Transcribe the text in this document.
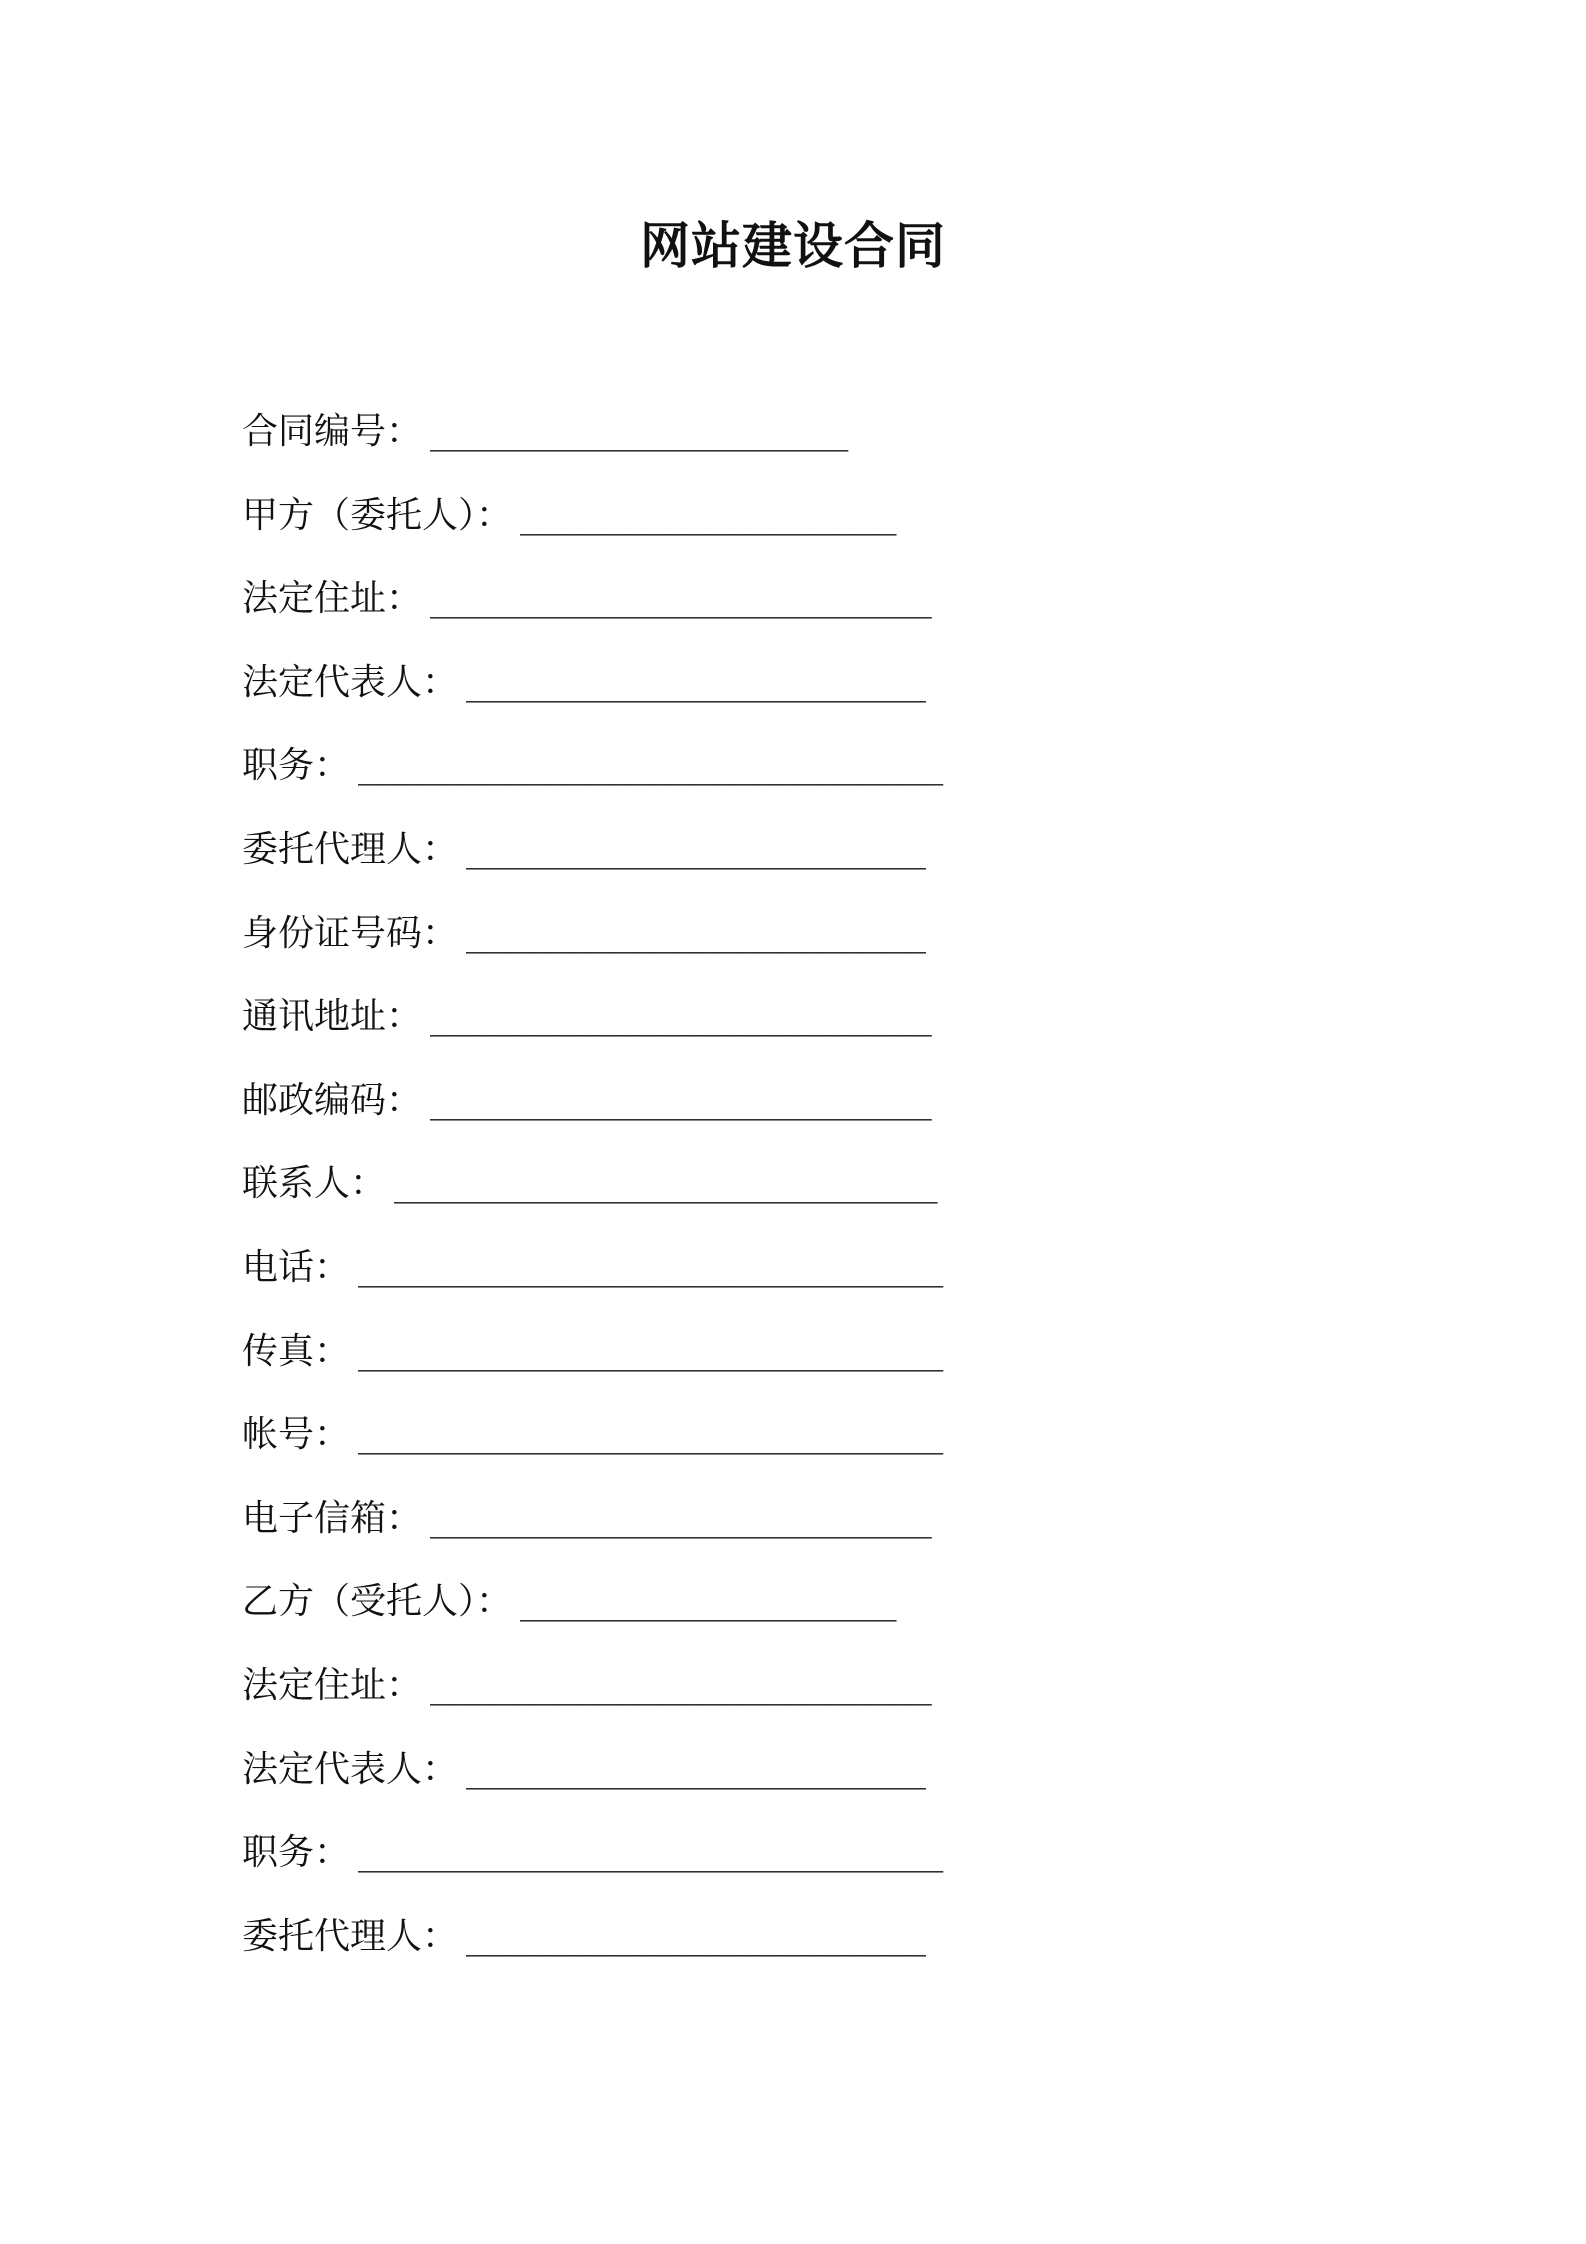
网站建设合同
合同编号： ____________________
甲方（委托人）： __________________
法定住址： ________________________
法定代表人： ______________________
职务： ____________________________
委托代理人： ______________________
身份证号码： ______________________
通讯地址： ________________________
邮政编码： ________________________
联系人： __________________________
电话： ____________________________
传真： ____________________________
帐号： ____________________________
电子信箱： ________________________
乙方（受托人）： __________________
法定住址： ________________________
法定代表人： ______________________
职务： ____________________________
委托代理人： ______________________
